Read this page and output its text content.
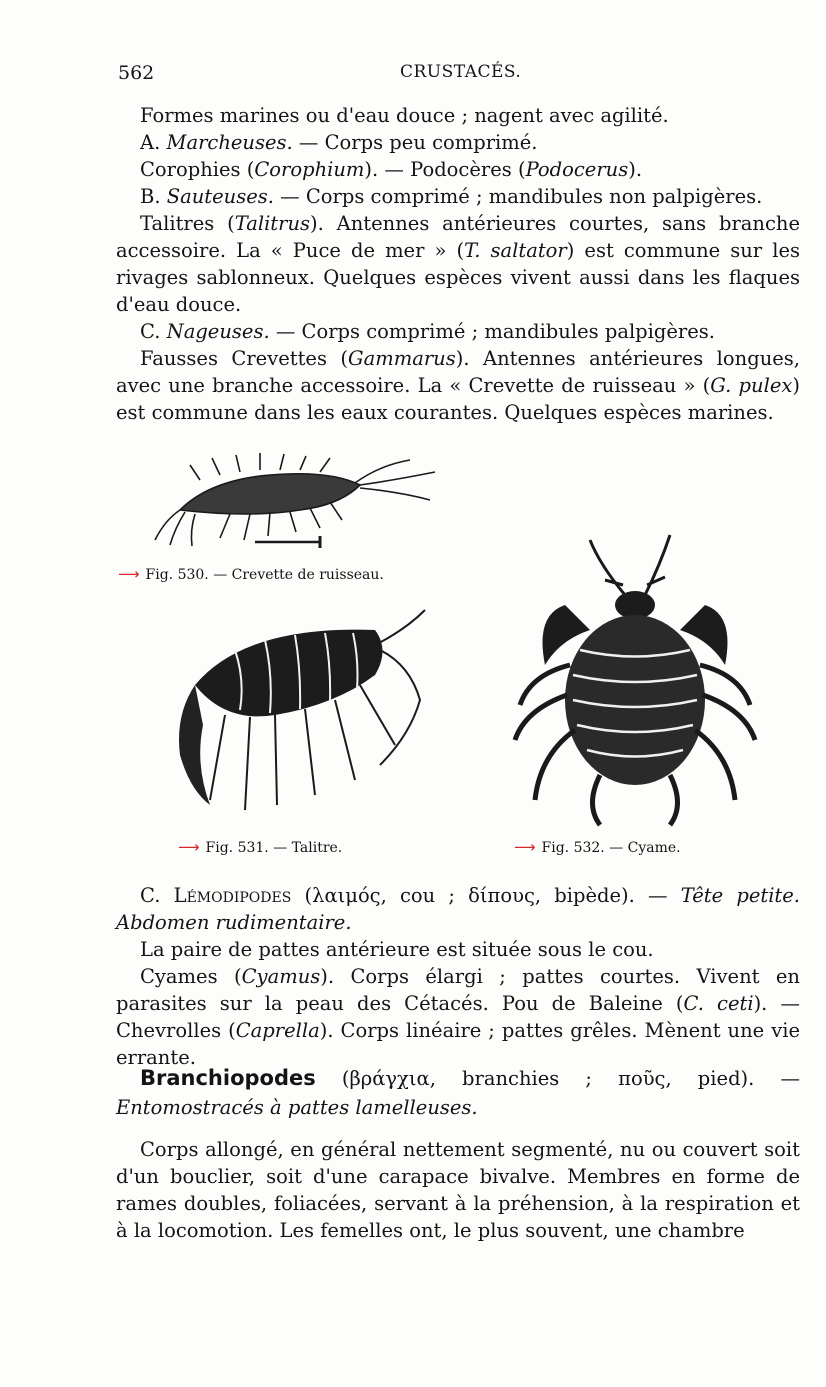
562	CRUSTACÉS.

Formes marines ou d'eau douce ; nagent avec agilité.

A. Marcheuses. — Corps peu comprimé.

Corophies (Corophium). — Podocères (Podocerus).

B. Sauteuses. — Corps comprimé ; mandibules non palpigères.

Talitres (Talitrus). Antennes antérieures courtes, sans branche accessoire. La « Puce de mer » (T. saltator) est commune sur les rivages sablonneux. Quelques espèces vivent aussi dans les flaques d'eau douce.

C. Nageuses. — Corps comprimé ; mandibules palpigères.

Fausses Crevettes (Gammarus). Antennes antérieures longues, avec une branche accessoire. La « Crevette de ruisseau » (G. pulex) est commune dans les eaux courantes. Quelques espèces marines.

⟶ Fig. 530. — Crevette de ruisseau.
⟶ Fig. 531. — Talitre.	⟶ Fig. 532. — Cyame.

C. Lémodipodes (λαιμός, cou ; δίπους, bipède). — Tête petite. Abdomen rudimentaire.

La paire de pattes antérieure est située sous le cou.

Cyames (Cyamus). Corps élargi ; pattes courtes. Vivent en parasites sur la peau des Cétacés. Pou de Baleine (C. ceti). — Chevrolles (Caprella). Corps linéaire ; pattes grêles. Mènent une vie errante.

Branchiopodes (βράγχια, branchies ; ποῦς, pied). — Entomostracés à pattes lamelleuses.

Corps allongé, en général nettement segmenté, nu ou couvert soit d'un bouclier, soit d'une carapace bivalve. Membres en forme de rames doubles, foliacées, servant à la préhension, à la respiration et à la locomotion. Les femelles ont, le plus souvent, une chambre
